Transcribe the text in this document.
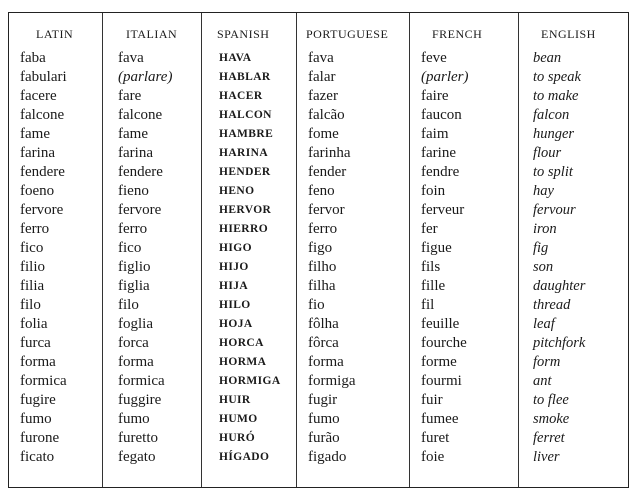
LATIN
faba
fabulari
facere
falcone
fame
farina
fendere
foeno
fervore
ferro
fico
filio
filia
filo
folia
furca
forma
formica
fugire
fumo
furone
ficato
ITALIAN
fava
(parlare)
fare
falcone
fame
farina
fendere
fieno
fervore
ferro
fico
figlio
figlia
filo
foglia
forca
forma
formica
fuggire
fumo
furetto
fegato
SPANISH
HAVA
HABLAR
HACER
HALCON
HAMBRE
HARINA
HENDER
HENO
HERVOR
HIERRO
HIGO
HIJO
HIJA
HILO
HOJA
HORCA
HORMA
HORMIGA
HUIR
HUMO
HURÓ
HÍGADO
PORTUGUESE
fava
falar
fazer
falcão
fome
farinha
fender
feno
fervor
ferro
figo
filho
filha
fio
fôlha
fôrca
forma
formiga
fugir
fumo
furão
figado
FRENCH
feve
(parler)
faire
faucon
faim
farine
fendre
foin
ferveur
fer
figue
fils
fille
fil
feuille
fourche
forme
fourmi
fuir
fumee
furet
foie
ENGLISH
bean
to speak
to make
falcon
hunger
flour
to split
hay
fervour
iron
fig
son
daughter
thread
leaf
pitchfork
form
ant
to flee
smoke
ferret
liver
